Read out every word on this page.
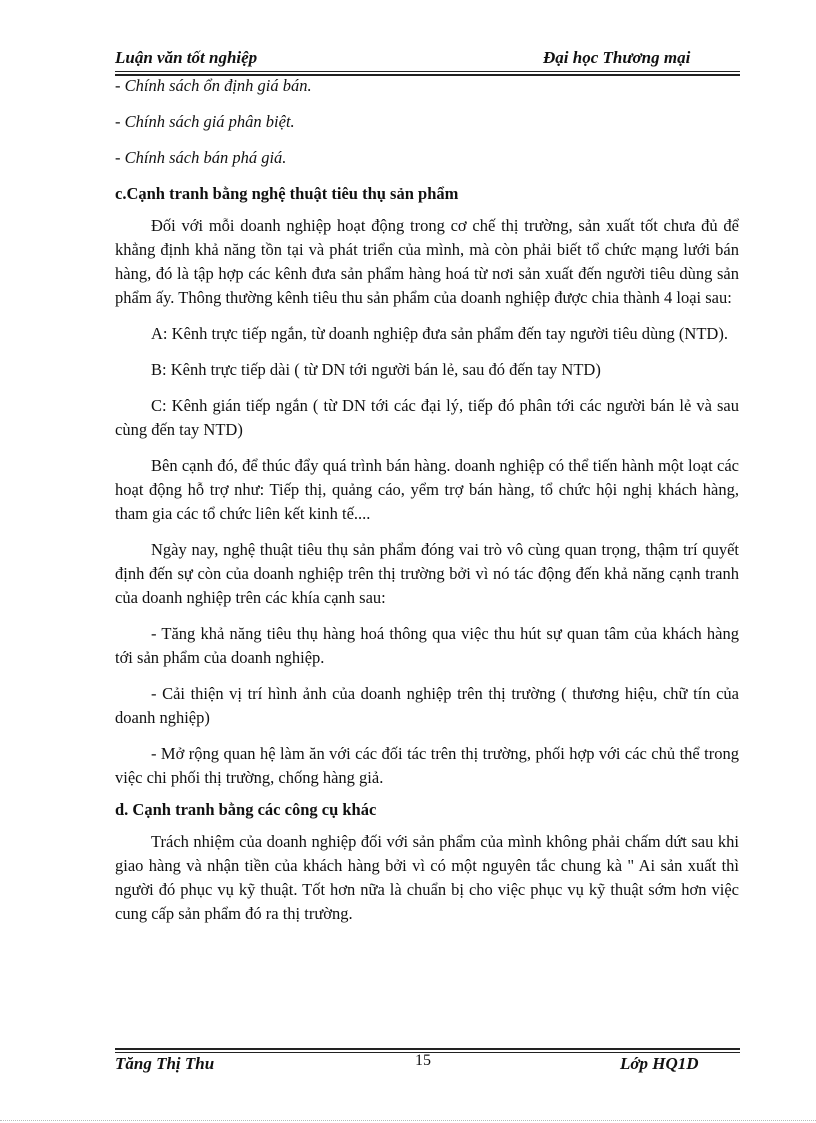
Luận văn tốt nghiệp	Đại học Thương mại

- Chính sách ổn định giá bán.

- Chính sách giá phân biệt.

- Chính sách bán phá giá.

c.Cạnh tranh bằng nghệ thuật tiêu thụ sản phẩm

Đối với mỗi doanh nghiệp hoạt động trong cơ chế thị trường, sản xuất tốt chưa đủ để khẳng định khả năng tồn tại và phát triển của mình, mà còn phải biết tổ chức mạng lưới bán hàng, đó là tập hợp các kênh đưa sản phẩm hàng hoá từ nơi sản xuất đến người tiêu dùng sản phẩm ấy. Thông thường kênh tiêu thu sản phẩm của doanh nghiệp được chia thành 4 loại sau:

A: Kênh trực tiếp ngắn, từ doanh nghiệp đưa sản phẩm đến tay người tiêu dùng (NTD).

B: Kênh trực tiếp dài ( từ DN tới người bán lẻ, sau đó đến tay NTD)

C: Kênh gián tiếp ngắn ( từ DN tới các đại lý, tiếp đó phân tới các người bán lẻ và sau cùng đến tay NTD)

Bên cạnh đó, để thúc đẩy quá trình bán hàng. doanh nghiệp có thể tiến hành một loạt các hoạt động hỗ trợ như: Tiếp thị, quảng cáo, yểm trợ bán hàng, tổ chức hội nghị khách hàng, tham gia các tổ chức liên kết kinh tế....

Ngày nay, nghệ thuật tiêu thụ sản phẩm đóng vai trò vô cùng quan trọng, thậm trí quyết định đến sự còn của doanh nghiệp trên thị trường bởi vì nó tác động đến khả năng cạnh tranh của doanh nghiệp trên các khía cạnh sau:

- Tăng khả năng tiêu thụ hàng hoá thông qua việc thu hút sự quan tâm của khách hàng tới sản phẩm của doanh nghiệp.

- Cải thiện vị trí hình ảnh của doanh nghiệp trên thị trường ( thương hiệu, chữ tín của doanh nghiệp)

- Mở rộng quan hệ làm ăn với các đối tác trên thị trường, phối hợp với các chủ thể trong việc chi phối thị trường, chống hàng giả.

d. Cạnh tranh bằng các công cụ khác

Trách nhiệm của doanh nghiệp đối với sản phẩm của mình không phải chấm dứt sau khi giao hàng và nhận tiền của khách hàng bởi vì có một nguyên tắc chung kà " Ai sản xuất thì người đó phục vụ kỹ thuật. Tốt hơn nữa là chuẩn bị cho việc phục vụ kỹ thuật sớm hơn việc cung cấp sản phẩm đó ra thị trường.

Tăng Thị Thu	15	Lớp HQ1D
